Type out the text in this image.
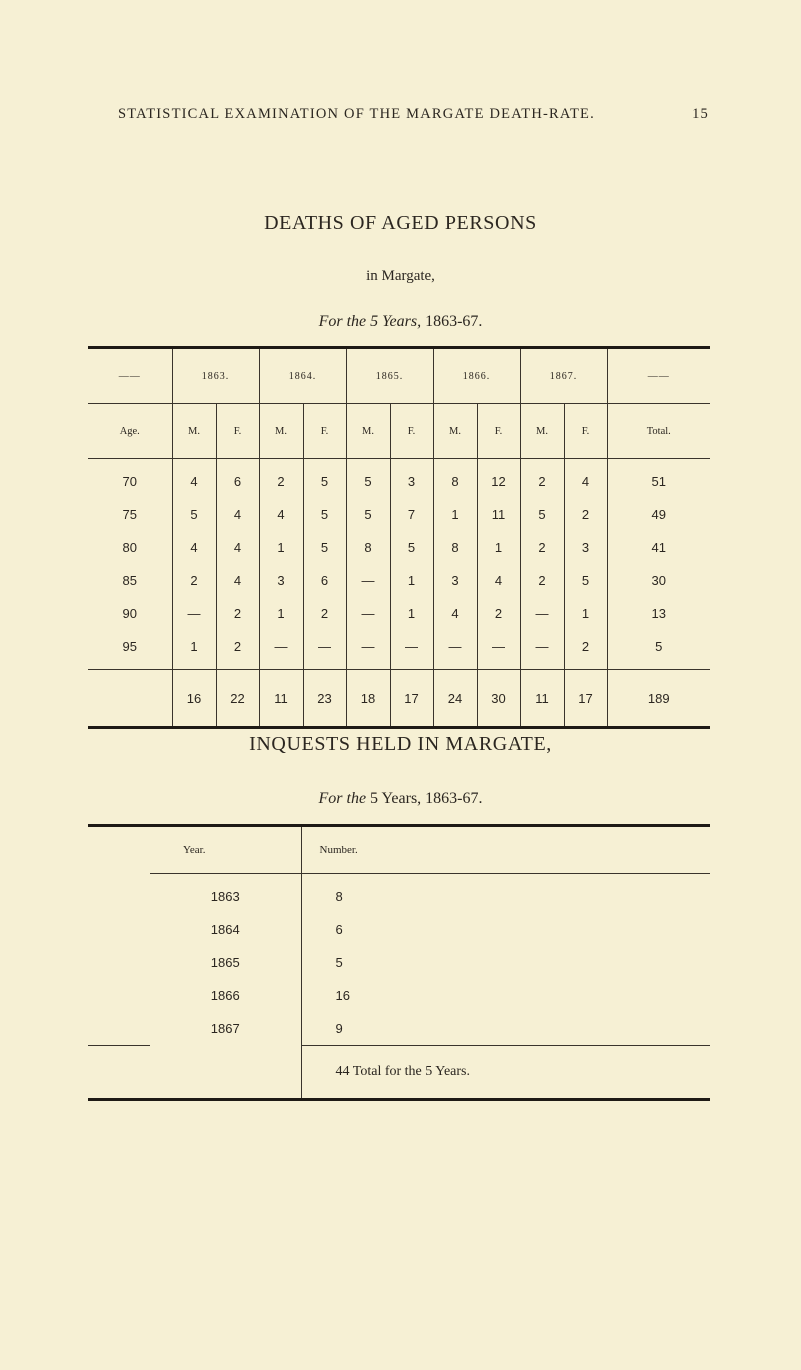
STATISTICAL EXAMINATION OF THE MARGATE DEATH-RATE.	15
DEATHS OF AGED PERSONS
in Margate,
For the 5 Years, 1863-67.
——	1863.		1864.		1865.		1866.		1867.		——
Age.	M.	F.	M.	F.	M.	F.	M.	F.	M.	F.	Total.
70	4	6	2	5	5	3	8	12	2	4	51
75	5	4	4	5	5	7	1	11	5	2	49
80	4	4	1	5	8	5	8	1	2	3	41
85	2	4	3	6	—	1	3	4	2	5	30
90	—	2	1	2	—	1	4	2	—	1	13
95	1	2	—	—	—	—	—	—	—	2	5
	16	22	11	23	18	17	24	30	11	17	189
INQUESTS HELD IN MARGATE,
For the 5 Years, 1863-67.
Year.		Number.
	1863	8
	1864	6
	1865	5
	1866	16
	1867	9
		44 Total for the 5 Years.
